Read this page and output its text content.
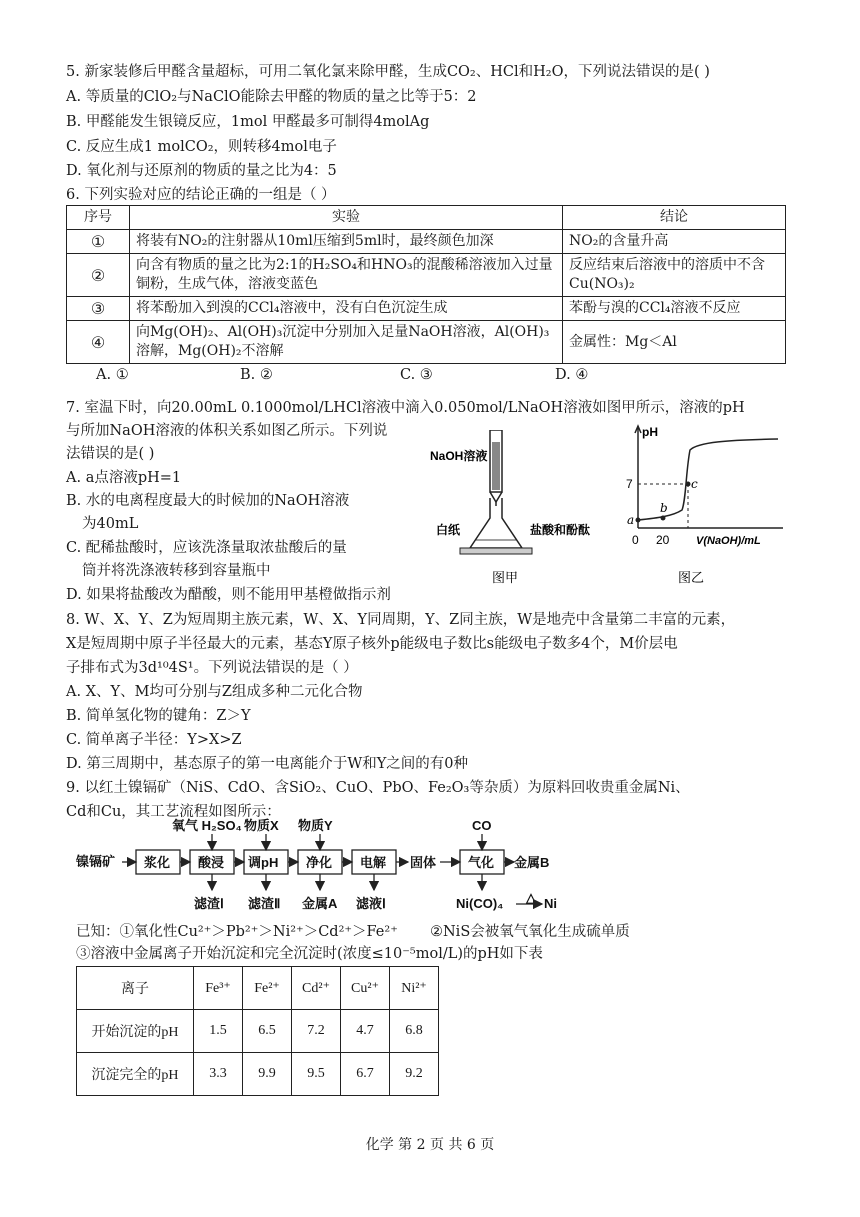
5. 新家装修后甲醛含量超标，可用二氧化氯来除甲醛，生成CO₂、HCl和H₂O，下列说法错误的是( )
A. 等质量的ClO₂与NaClO能除去甲醛的物质的量之比等于5：2
B. 甲醛能发生银镜反应，1mol 甲醛最多可制得4molAg
C. 反应生成1 molCO₂，则转移4mol电子
D. 氧化剂与还原剂的物质的量之比为4：5
6. 下列实验对应的结论正确的一组是（ ）
序号	实验	结论
①	将装有NO₂的注射器从10ml压缩到5ml时，最终颜色加深	NO₂的含量升高
②	向含有物质的量之比为2:1的H₂SO₄和HNO₃的混酸稀溶液加入过量铜粉，生成气体，溶液变蓝色	反应结束后溶液中的溶质中不含Cu(NO₃)₂
③	将苯酚加入到溴的CCl₄溶液中，没有白色沉淀生成	苯酚与溴的CCl₄溶液不反应
④	向Mg(OH)₂、Al(OH)₃沉淀中分别加入足量NaOH溶液，Al(OH)₃溶解，Mg(OH)₂不溶解	金属性：Mg＜Al
A. ①	B. ②	C. ③	D. ④
7. 室温下时，向20.00mL 0.1000mol/LHCl溶液中滴入0.050mol/LNaOH溶液如图甲所示，溶液的pH
与所加NaOH溶液的体积关系如图乙所示。下列说
法错误的是( )
A. a点溶液pH=1
B. 水的电离程度最大的时候加的NaOH溶液
为40mL
C. 配稀盐酸时，应该洗涤量取浓盐酸后的量
筒并将洗涤液转移到容量瓶中
D. 如果将盐酸改为醋酸，则不能用甲基橙做指示剂
NaOH溶液
白纸	盐酸和酚酞
图甲
pH
7
a
b
c
0 20 V(NaOH)/mL
图乙
8. W、X、Y、Z为短周期主族元素，W、X、Y同周期，Y、Z同主族，W是地壳中含量第二丰富的元素，
X是短周期中原子半径最大的元素，基态Y原子核外p能级电子数比s能级电子数多4个，M价层电
子排布式为3d¹⁰4S¹。下列说法错误的是（ ）
A. X、Y、M均可分别与Z组成多种二元化合物
B. 简单氢化物的键角：Z＞Y
C. 简单离子半径：Y>X>Z
D. 第三周期中，基态原子的第一电离能介于W和Y之间的有0种
9. 以红土镍镉矿（NiS、CdO、含SiO₂、CuO、PbO、Fe₂O₃等杂质）为原料回收贵重金属Ni、
Cd和Cu，其工艺流程如图所示：
镍镉矿 浆化 酸浸 调pH 净化 电解 固体 气化 金属B
氧气 H₂SO₄ 物质X 物质Y	CO
滤渣Ⅰ 滤渣Ⅱ 金属A 滤液Ⅰ	Ni(CO)₄ △ Ni
已知：①氧化性Cu²⁺＞Pb²⁺＞Ni²⁺＞Cd²⁺＞Fe²⁺ ②NiS会被氧气氧化生成硫单质
③溶液中金属离子开始沉淀和完全沉淀时(浓度≤10⁻⁵mol/L)的pH如下表
离子	Fe³⁺	Fe²⁺	Cd²⁺	Cu²⁺	Ni²⁺
开始沉淀的pH	1.5	6.5	7.2	4.7	6.8
沉淀完全的pH	3.3	9.9	9.5	6.7	9.2
化学 第 2 页 共 6 页
